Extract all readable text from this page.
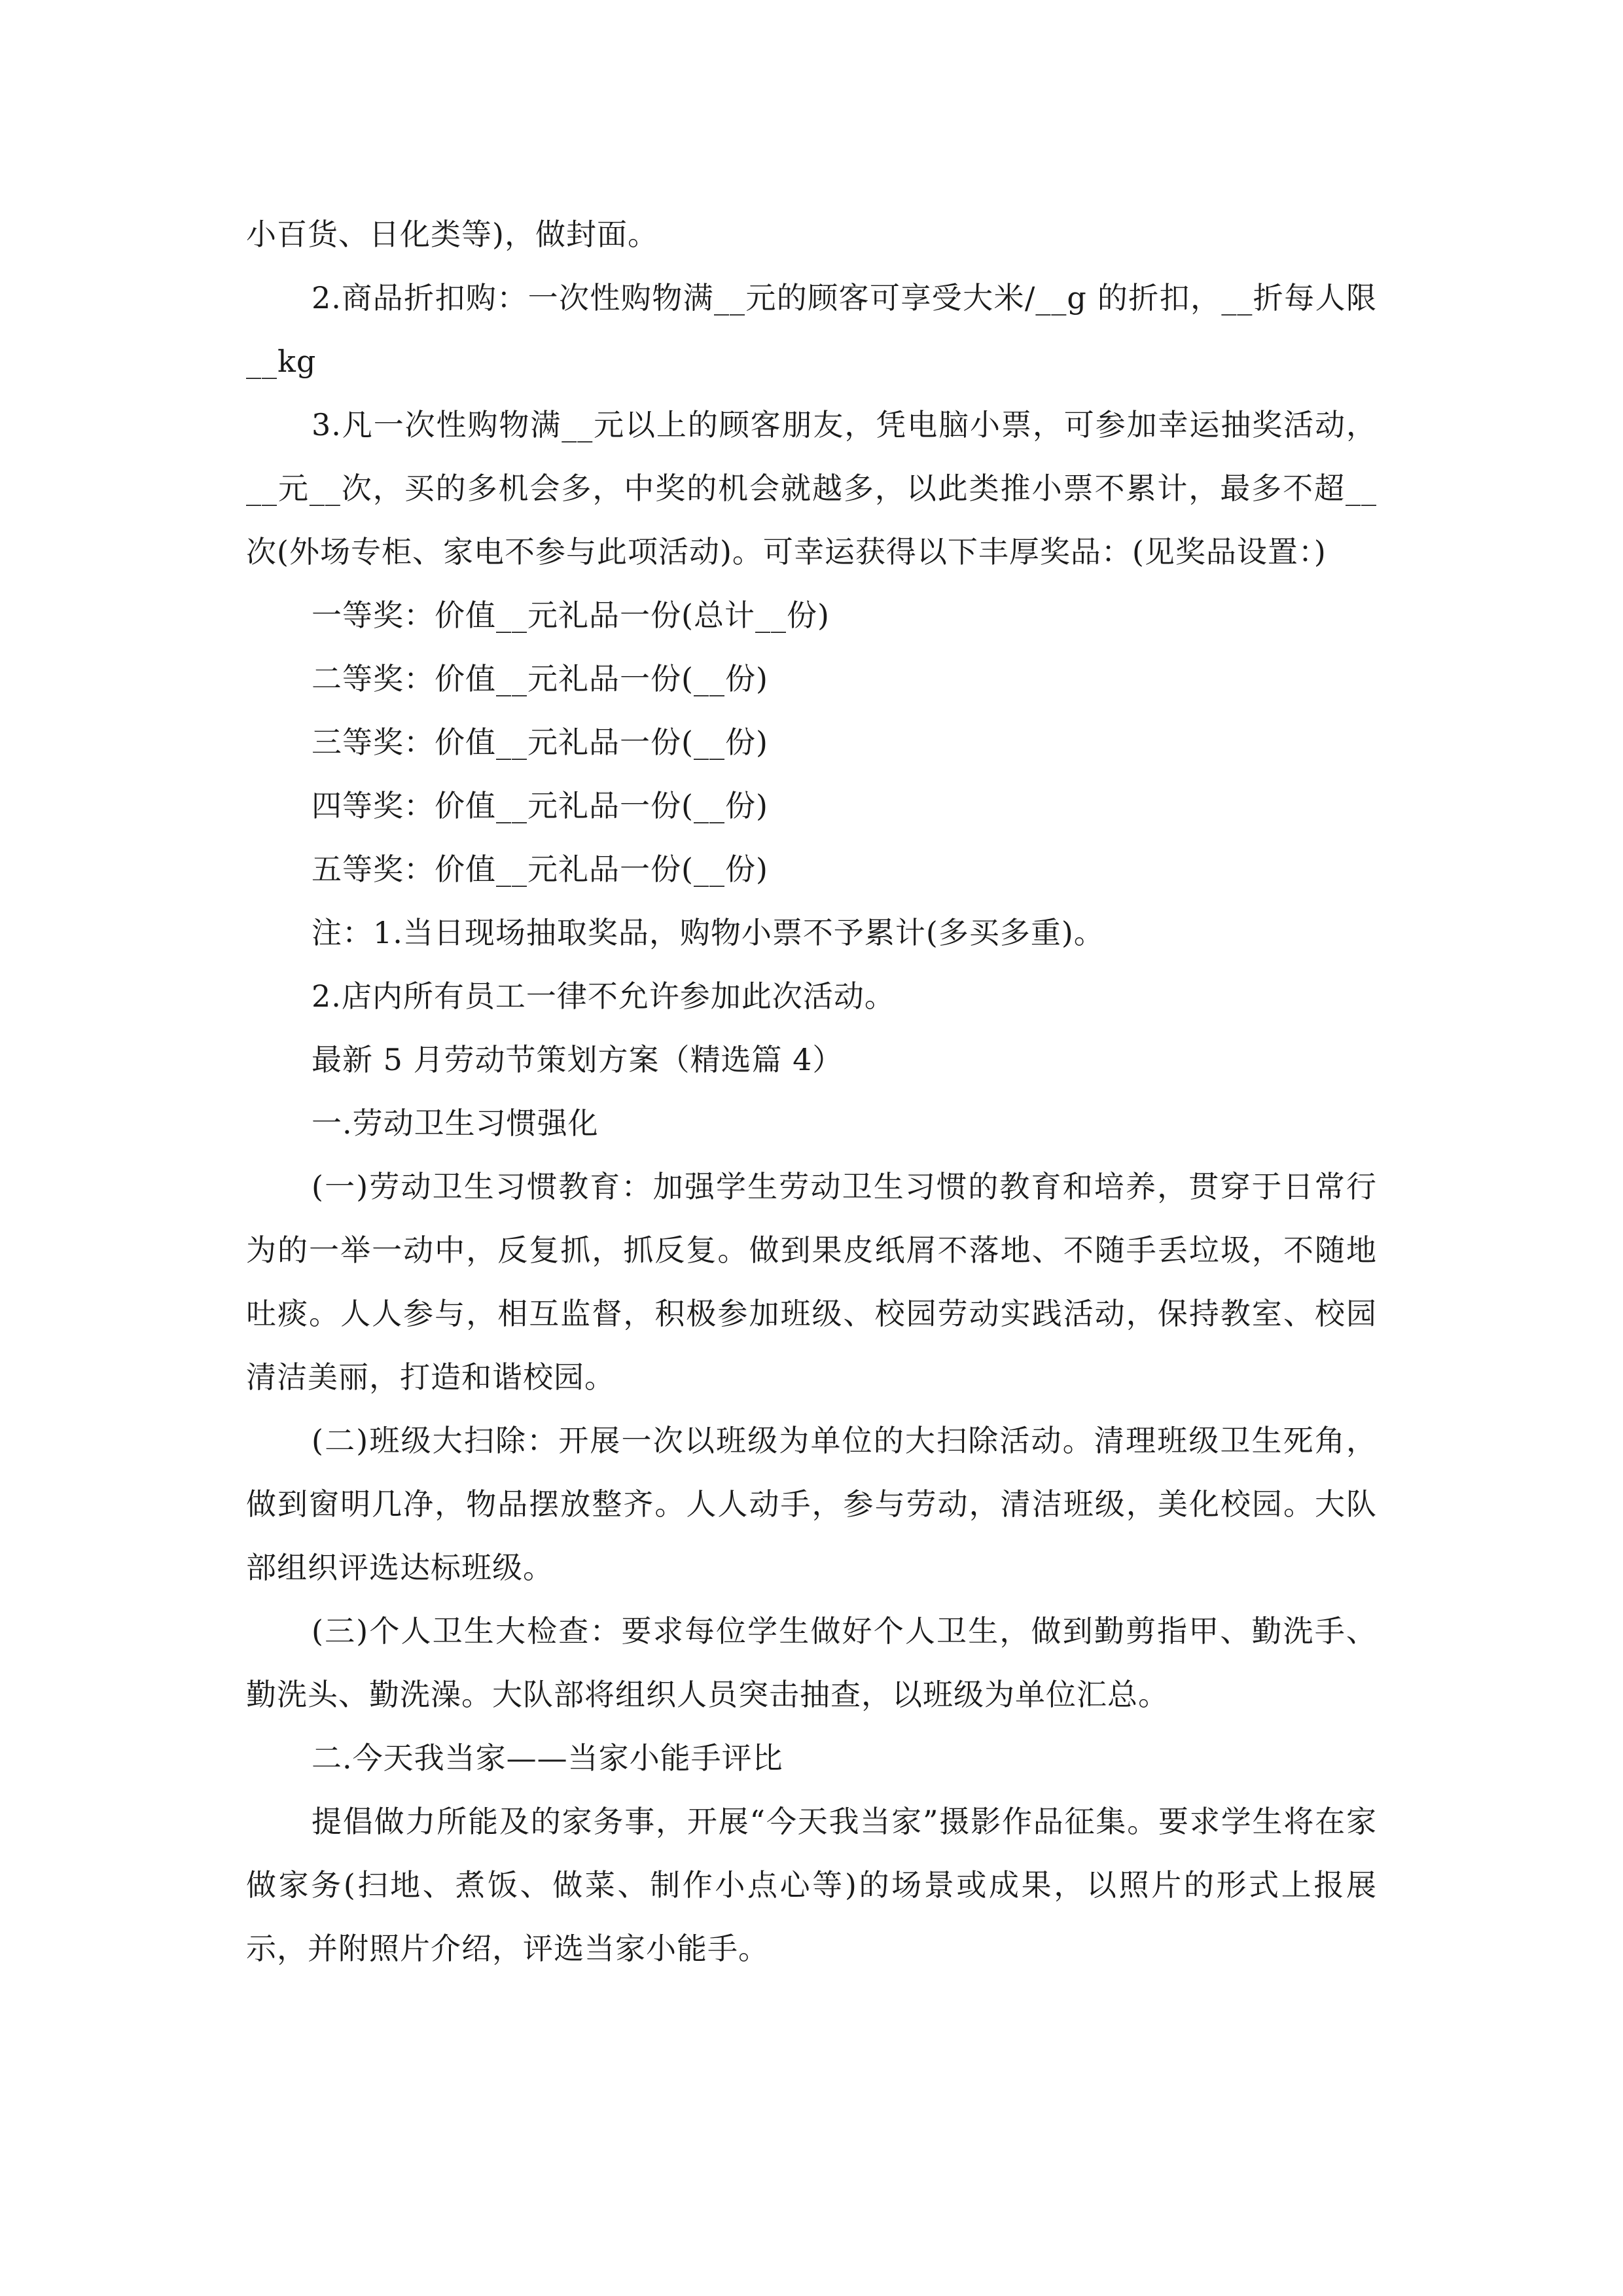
小百货、日化类等)，做封面。

2.商品折扣购：一次性购物满__元的顾客可享受大米/__g 的折扣，__折每人限__kg

3.凡一次性购物满__元以上的顾客朋友，凭电脑小票，可参加幸运抽奖活动，__元__次，买的多机会多，中奖的机会就越多，以此类推小票不累计，最多不超__次(外场专柜、家电不参与此项活动)。可幸运获得以下丰厚奖品：(见奖品设置：)

一等奖：价值__元礼品一份(总计__份)

二等奖：价值__元礼品一份(__份)

三等奖：价值__元礼品一份(__份)

四等奖：价值__元礼品一份(__份)

五等奖：价值__元礼品一份(__份)

注：1.当日现场抽取奖品，购物小票不予累计(多买多重)。

2.店内所有员工一律不允许参加此次活动。

最新 5 月劳动节策划方案（精选篇 4）

一.劳动卫生习惯强化

(一)劳动卫生习惯教育：加强学生劳动卫生习惯的教育和培养，贯穿于日常行为的一举一动中，反复抓，抓反复。做到果皮纸屑不落地、不随手丢垃圾，不随地吐痰。人人参与，相互监督，积极参加班级、校园劳动实践活动，保持教室、校园清洁美丽，打造和谐校园。

(二)班级大扫除：开展一次以班级为单位的大扫除活动。清理班级卫生死角，做到窗明几净，物品摆放整齐。人人动手，参与劳动，清洁班级，美化校园。大队部组织评选达标班级。

(三)个人卫生大检查：要求每位学生做好个人卫生，做到勤剪指甲、勤洗手、勤洗头、勤洗澡。大队部将组织人员突击抽查，以班级为单位汇总。

二.今天我当家——当家小能手评比

提倡做力所能及的家务事，开展“今天我当家”摄影作品征集。要求学生将在家做家务(扫地、煮饭、做菜、制作小点心等)的场景或成果，以照片的形式上报展示，并附照片介绍，评选当家小能手。
